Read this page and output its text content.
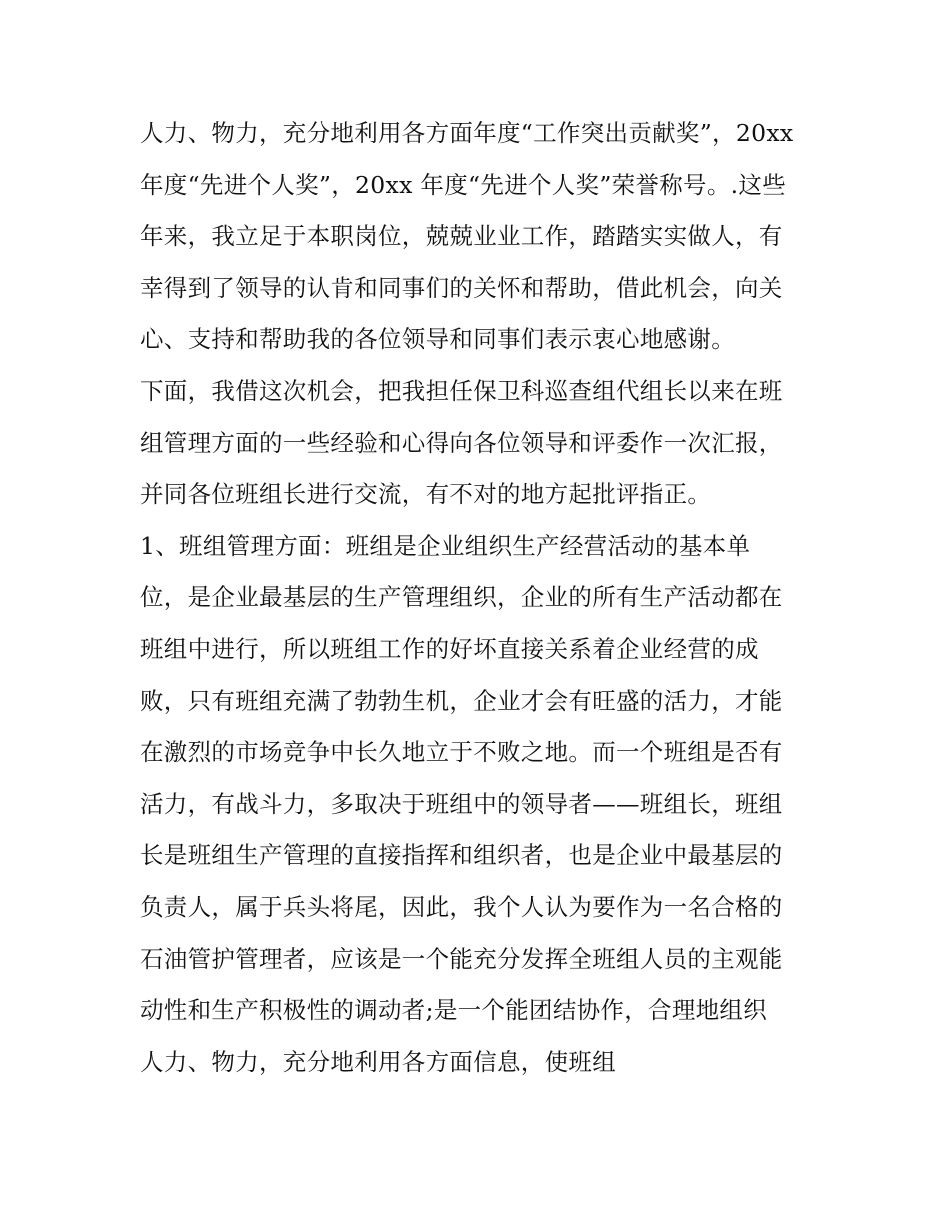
人力、物力，充分地利用各方面年度“工作突出贡献奖”，20xx
年度“先进个人奖”，20xx 年度“先进个人奖”荣誉称号。.这些
年来，我立足于本职岗位，兢兢业业工作，踏踏实实做人，有
幸得到了领导的认肯和同事们的关怀和帮助，借此机会，向关
心、支持和帮助我的各位领导和同事们表示衷心地感谢。
下面，我借这次机会，把我担任保卫科巡查组代组长以来在班
组管理方面的一些经验和心得向各位领导和评委作一次汇报，
并同各位班组长进行交流，有不对的地方起批评指正。
1、班组管理方面：班组是企业组织生产经营活动的基本单
位，是企业最基层的生产管理组织，企业的所有生产活动都在
班组中进行，所以班组工作的好坏直接关系着企业经营的成
败，只有班组充满了勃勃生机，企业才会有旺盛的活力，才能
在激烈的市场竞争中长久地立于不败之地。而一个班组是否有
活力，有战斗力，多取决于班组中的领导者——班组长，班组
长是班组生产管理的直接指挥和组织者，也是企业中最基层的
负责人，属于兵头将尾，因此，我个人认为要作为一名合格的
石油管护管理者，应该是一个能充分发挥全班组人员的主观能
动性和生产积极性的调动者;是一个能团结协作，合理地组织
人力、物力，充分地利用各方面信息，使班组
